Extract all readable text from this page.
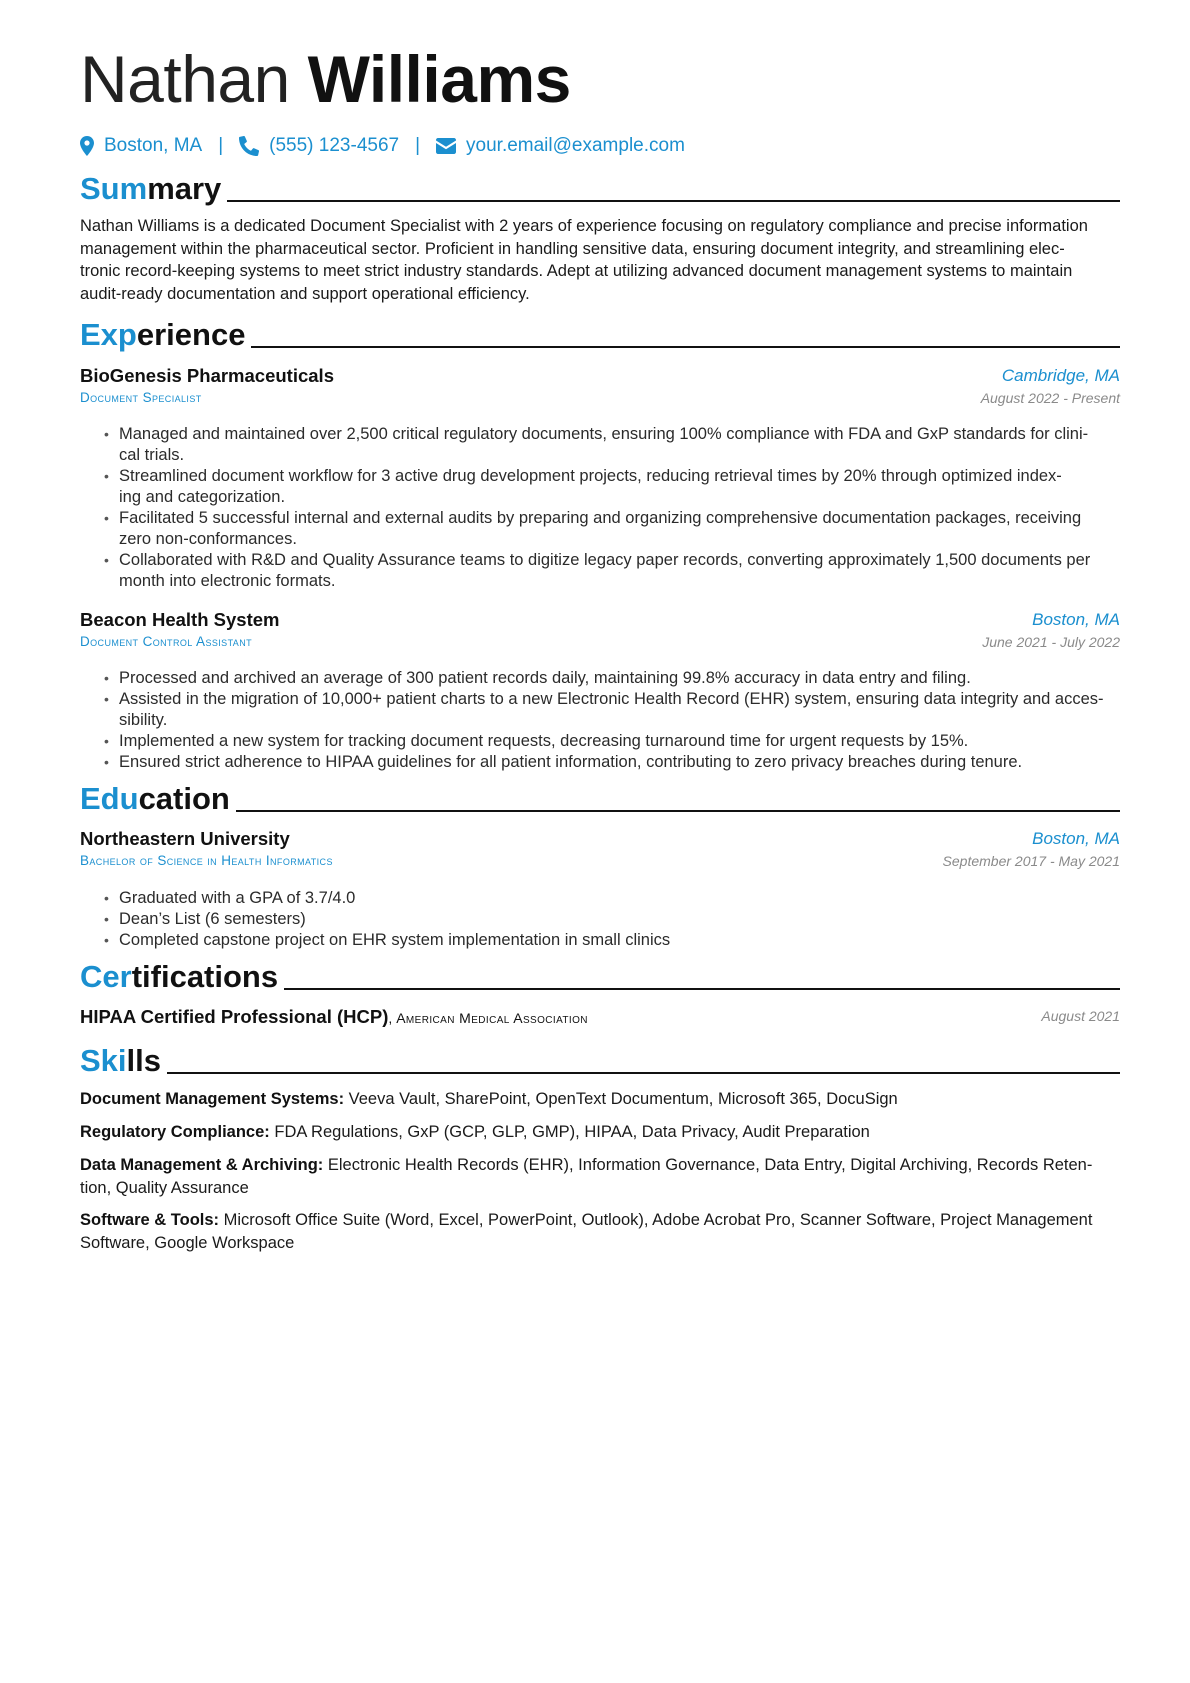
Nathan Williams
Boston, MA | (555) 123-4567 | your.email@example.com
Sum mary
Nathan Williams is a dedicated Document Specialist with 2 years of experience focusing on regulatory compliance and precise information
management within the pharmaceutical sector. Proficient in handling sensitive data, ensuring document integrity, and streamlining elec-
tronic record-keeping systems to meet strict industry standards. Adept at utilizing advanced document management systems to maintain
audit-ready documentation and support operational efficiency.
Exp erience
BioGenesis Pharmaceuticals	Cambridge, MA
Document Specialist	August 2022 - Present
• Managed and maintained over 2,500 critical regulatory documents, ensuring 100% compliance with FDA and GxP standards for clini-
cal trials.
• Streamlined document workflow for 3 active drug development projects, reducing retrieval times by 20% through optimized index-
ing and categorization.
• Facilitated 5 successful internal and external audits by preparing and organizing comprehensive documentation packages, receiving
zero non-conformances.
• Collaborated with R&D and Quality Assurance teams to digitize legacy paper records, converting approximately 1,500 documents per
month into electronic formats.
Beacon Health System	Boston, MA
Document Control Assistant	June 2021 - July 2022
• Processed and archived an average of 300 patient records daily, maintaining 99.8% accuracy in data entry and filing.
• Assisted in the migration of 10,000+ patient charts to a new Electronic Health Record (EHR) system, ensuring data integrity and acces-
sibility.
• Implemented a new system for tracking document requests, decreasing turnaround time for urgent requests by 15%.
• Ensured strict adherence to HIPAA guidelines for all patient information, contributing to zero privacy breaches during tenure.
Edu cation
Northeastern University	Boston, MA
Bachelor of Science in Health Informatics	September 2017 - May 2021
• Graduated with a GPA of 3.7/4.0
• Dean’s List (6 semesters)
• Completed capstone project on EHR system implementation in small clinics
Cer tifications
HIPAA Certified Professional (HCP), American Medical Association	August 2021
Ski lls
Document Management Systems: Veeva Vault, SharePoint, OpenText Documentum, Microsoft 365, DocuSign
Regulatory Compliance: FDA Regulations, GxP (GCP, GLP, GMP), HIPAA, Data Privacy, Audit Preparation
Data Management & Archiving: Electronic Health Records (EHR), Information Governance, Data Entry, Digital Archiving, Records Reten-
tion, Quality Assurance
Software & Tools: Microsoft Office Suite (Word, Excel, PowerPoint, Outlook), Adobe Acrobat Pro, Scanner Software, Project Management
Software, Google Workspace
